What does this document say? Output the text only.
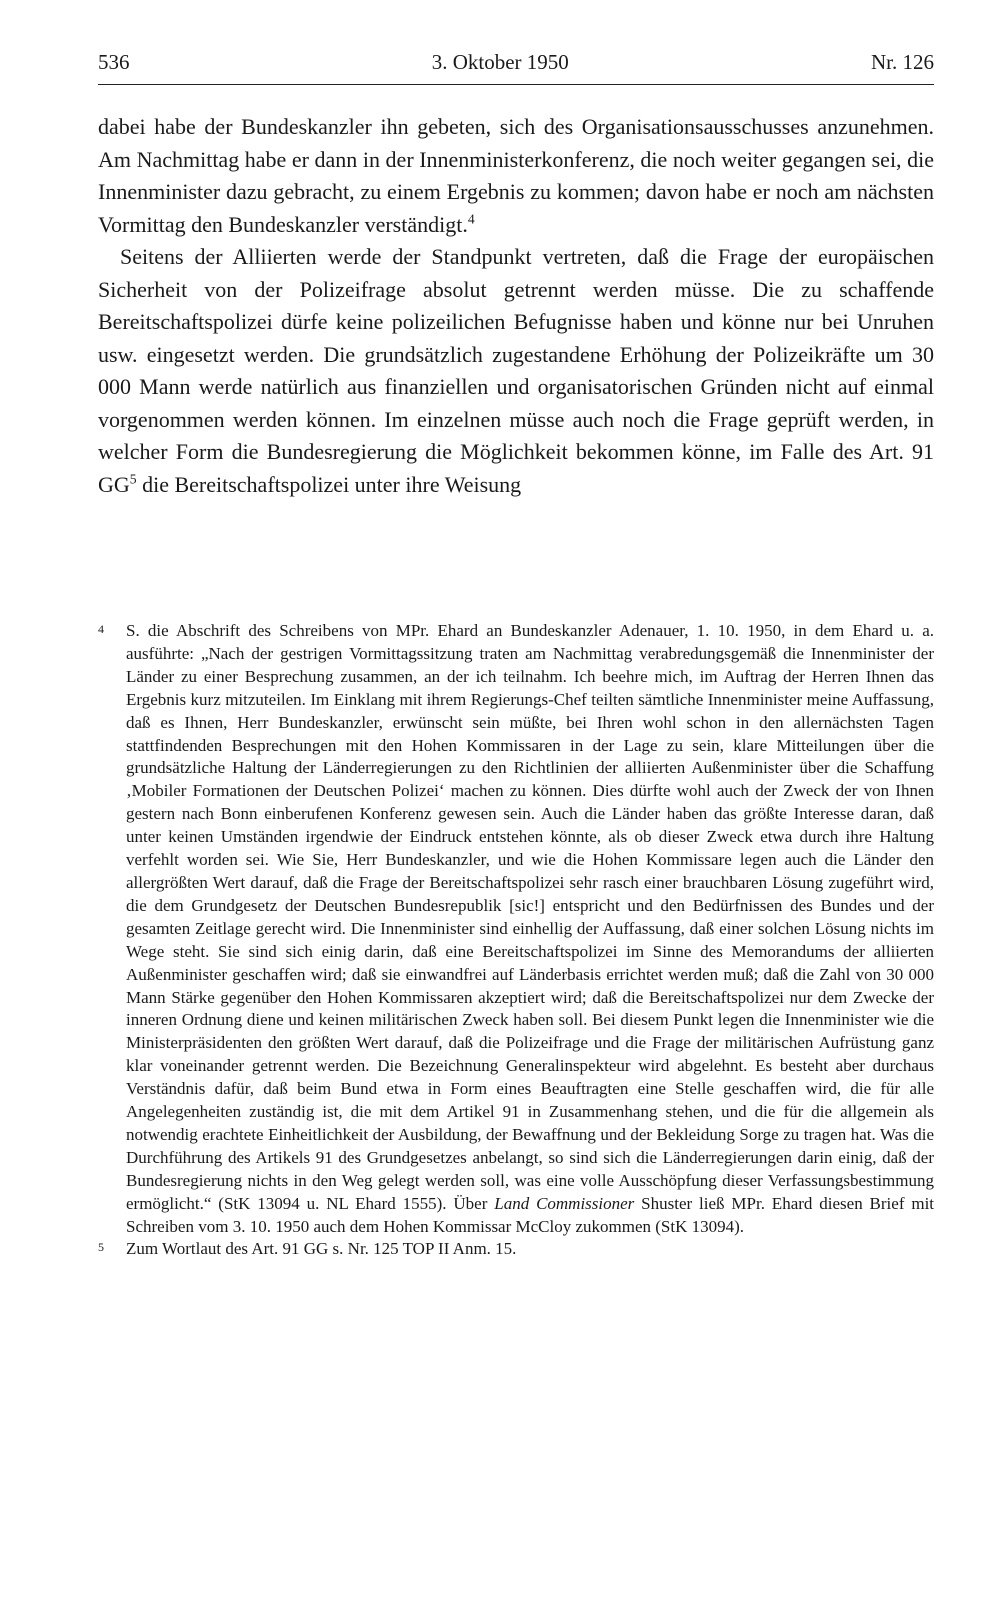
536	3. Oktober 1950	Nr. 126

dabei habe der Bundeskanzler ihn gebeten, sich des Organisationsausschusses anzunehmen. Am Nachmittag habe er dann in der Innenministerkonferenz, die noch weiter gegangen sei, die Innenminister dazu gebracht, zu einem Ergebnis zu kommen; davon habe er noch am nächsten Vormittag den Bundeskanzler verständigt.$^4$

Seitens der Alliierten werde der Standpunkt vertreten, daß die Frage der europäischen Sicherheit von der Polizeifrage absolut getrennt werden müsse. Die zu schaffende Bereitschaftspolizei dürfe keine polizeilichen Befugnisse haben und könne nur bei Unruhen usw. eingesetzt werden. Die grundsätzlich zugestandene Erhöhung der Polizeikräfte um 30 000 Mann werde natürlich aus finanziellen und organisatorischen Gründen nicht auf einmal vorgenommen werden können. Im einzelnen müsse auch noch die Frage geprüft werden, in welcher Form die Bundesregierung die Möglichkeit bekommen könne, im Falle des Art. 91 $GG^5$ die Bereitschaftspolizei unter ihre Weisung

4	S. die Abschrift des Schreibens von MPr. Ehard an Bundeskanzler Adenauer, 1. 10. 1950, in dem Ehard u. a. ausführte: „Nach der gestrigen Vormittagssitzung traten am Nachmittag verabredungsgemäß die Innenminister der Länder zu einer Besprechung zusammen, an der ich teilnahm. Ich beehre mich, im Auftrag der Herren Ihnen das Ergebnis kurz mitzuteilen. Im Einklang mit ihrem Regierungs-Chef teilten sämtliche Innenminister meine Auffassung, daß es Ihnen, Herr Bundeskanzler, erwünscht sein müßte, bei Ihren wohl schon in den allernächsten Tagen stattfindenden Besprechungen mit den Hohen Kommissaren in der Lage zu sein, klare Mitteilungen über die grundsätzliche Haltung der Länderregierungen zu den Richtlinien der alliierten Außenminister über die Schaffung ‚Mobiler Formationen der Deutschen Polizei‘ machen zu können. Dies dürfte wohl auch der Zweck der von Ihnen gestern nach Bonn einberufenen Konferenz gewesen sein. Auch die Länder haben das größte Interesse daran, daß unter keinen Umständen irgendwie der Eindruck entstehen könnte, als ob dieser Zweck etwa durch ihre Haltung verfehlt worden sei. Wie Sie, Herr Bundeskanzler, und wie die Hohen Kommissare legen auch die Länder den allergrößten Wert darauf, daß die Frage der Bereitschaftspolizei sehr rasch einer brauchbaren Lösung zugeführt wird, die dem Grundgesetz der Deutschen Bundesrepublik [sic!] entspricht und den Bedürfnissen des Bundes und der gesamten Zeitlage gerecht wird. Die Innenminister sind einhellig der Auffassung, daß einer solchen Lösung nichts im Wege steht. Sie sind sich einig darin, daß eine Bereitschaftspolizei im Sinne des Memorandums der alliierten Außenminister geschaffen wird; daß sie einwandfrei auf Länderbasis errichtet werden muß; daß die Zahl von 30 000 Mann Stärke gegenüber den Hohen Kommissaren akzeptiert wird; daß die Bereitschaftspolizei nur dem Zwecke der inneren Ordnung diene und keinen militärischen Zweck haben soll. Bei diesem Punkt legen die Innenminister wie die Ministerpräsidenten den größten Wert darauf, daß die Polizeifrage und die Frage der militärischen Aufrüstung ganz klar voneinander getrennt werden. Die Bezeichnung Generalinspekteur wird abgelehnt. Es besteht aber durchaus Verständnis dafür, daß beim Bund etwa in Form eines Beauftragten eine Stelle geschaffen wird, die für alle Angelegenheiten zuständig ist, die mit dem Artikel 91 in Zusammenhang stehen, und die für die allgemein als notwendig erachtete Einheitlichkeit der Ausbildung, der Bewaffnung und der Bekleidung Sorge zu tragen hat. Was die Durchführung des Artikels 91 des Grundgesetzes anbelangt, so sind sich die Länderregierungen darin einig, daß der Bundesregierung nichts in den Weg gelegt werden soll, was eine volle Ausschöpfung dieser Verfassungsbestimmung ermöglicht.“ (StK 13094 u. NL Ehard 1555). Über Land Commissioner Shuster ließ MPr. Ehard diesen Brief mit Schreiben vom 3. 10. 1950 auch dem Hohen Kommissar McCloy zukommen (StK 13094).
5	Zum Wortlaut des Art. 91 GG s. Nr. 125 TOP II Anm. 15.
